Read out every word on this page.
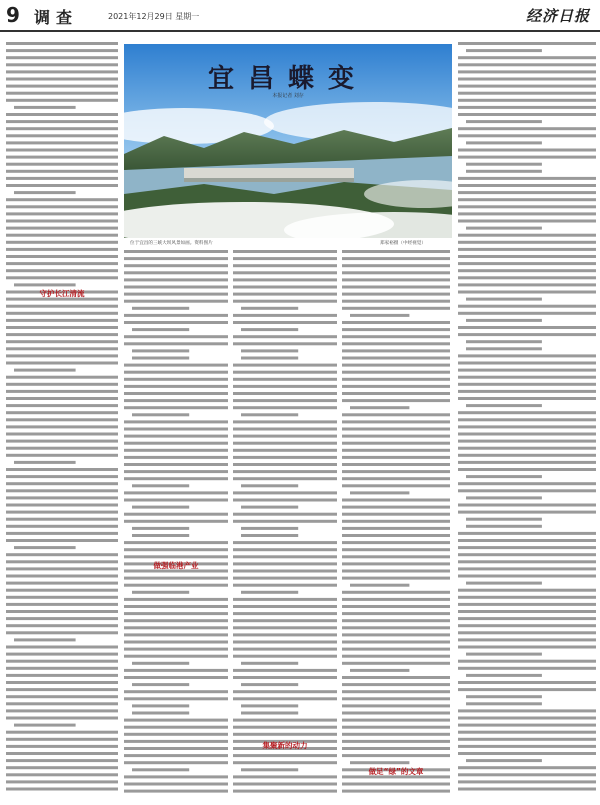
9 调查	2021年12月29日 星期一	经济日报
宜昌蝶变
本报记者 刘存
位于宜昌的三峡大坝风景如画。资料图片	郑家裕摄（中经视觉）
守护长江清流
做强临港产业
集聚新的动力
做足“绿”的文章
